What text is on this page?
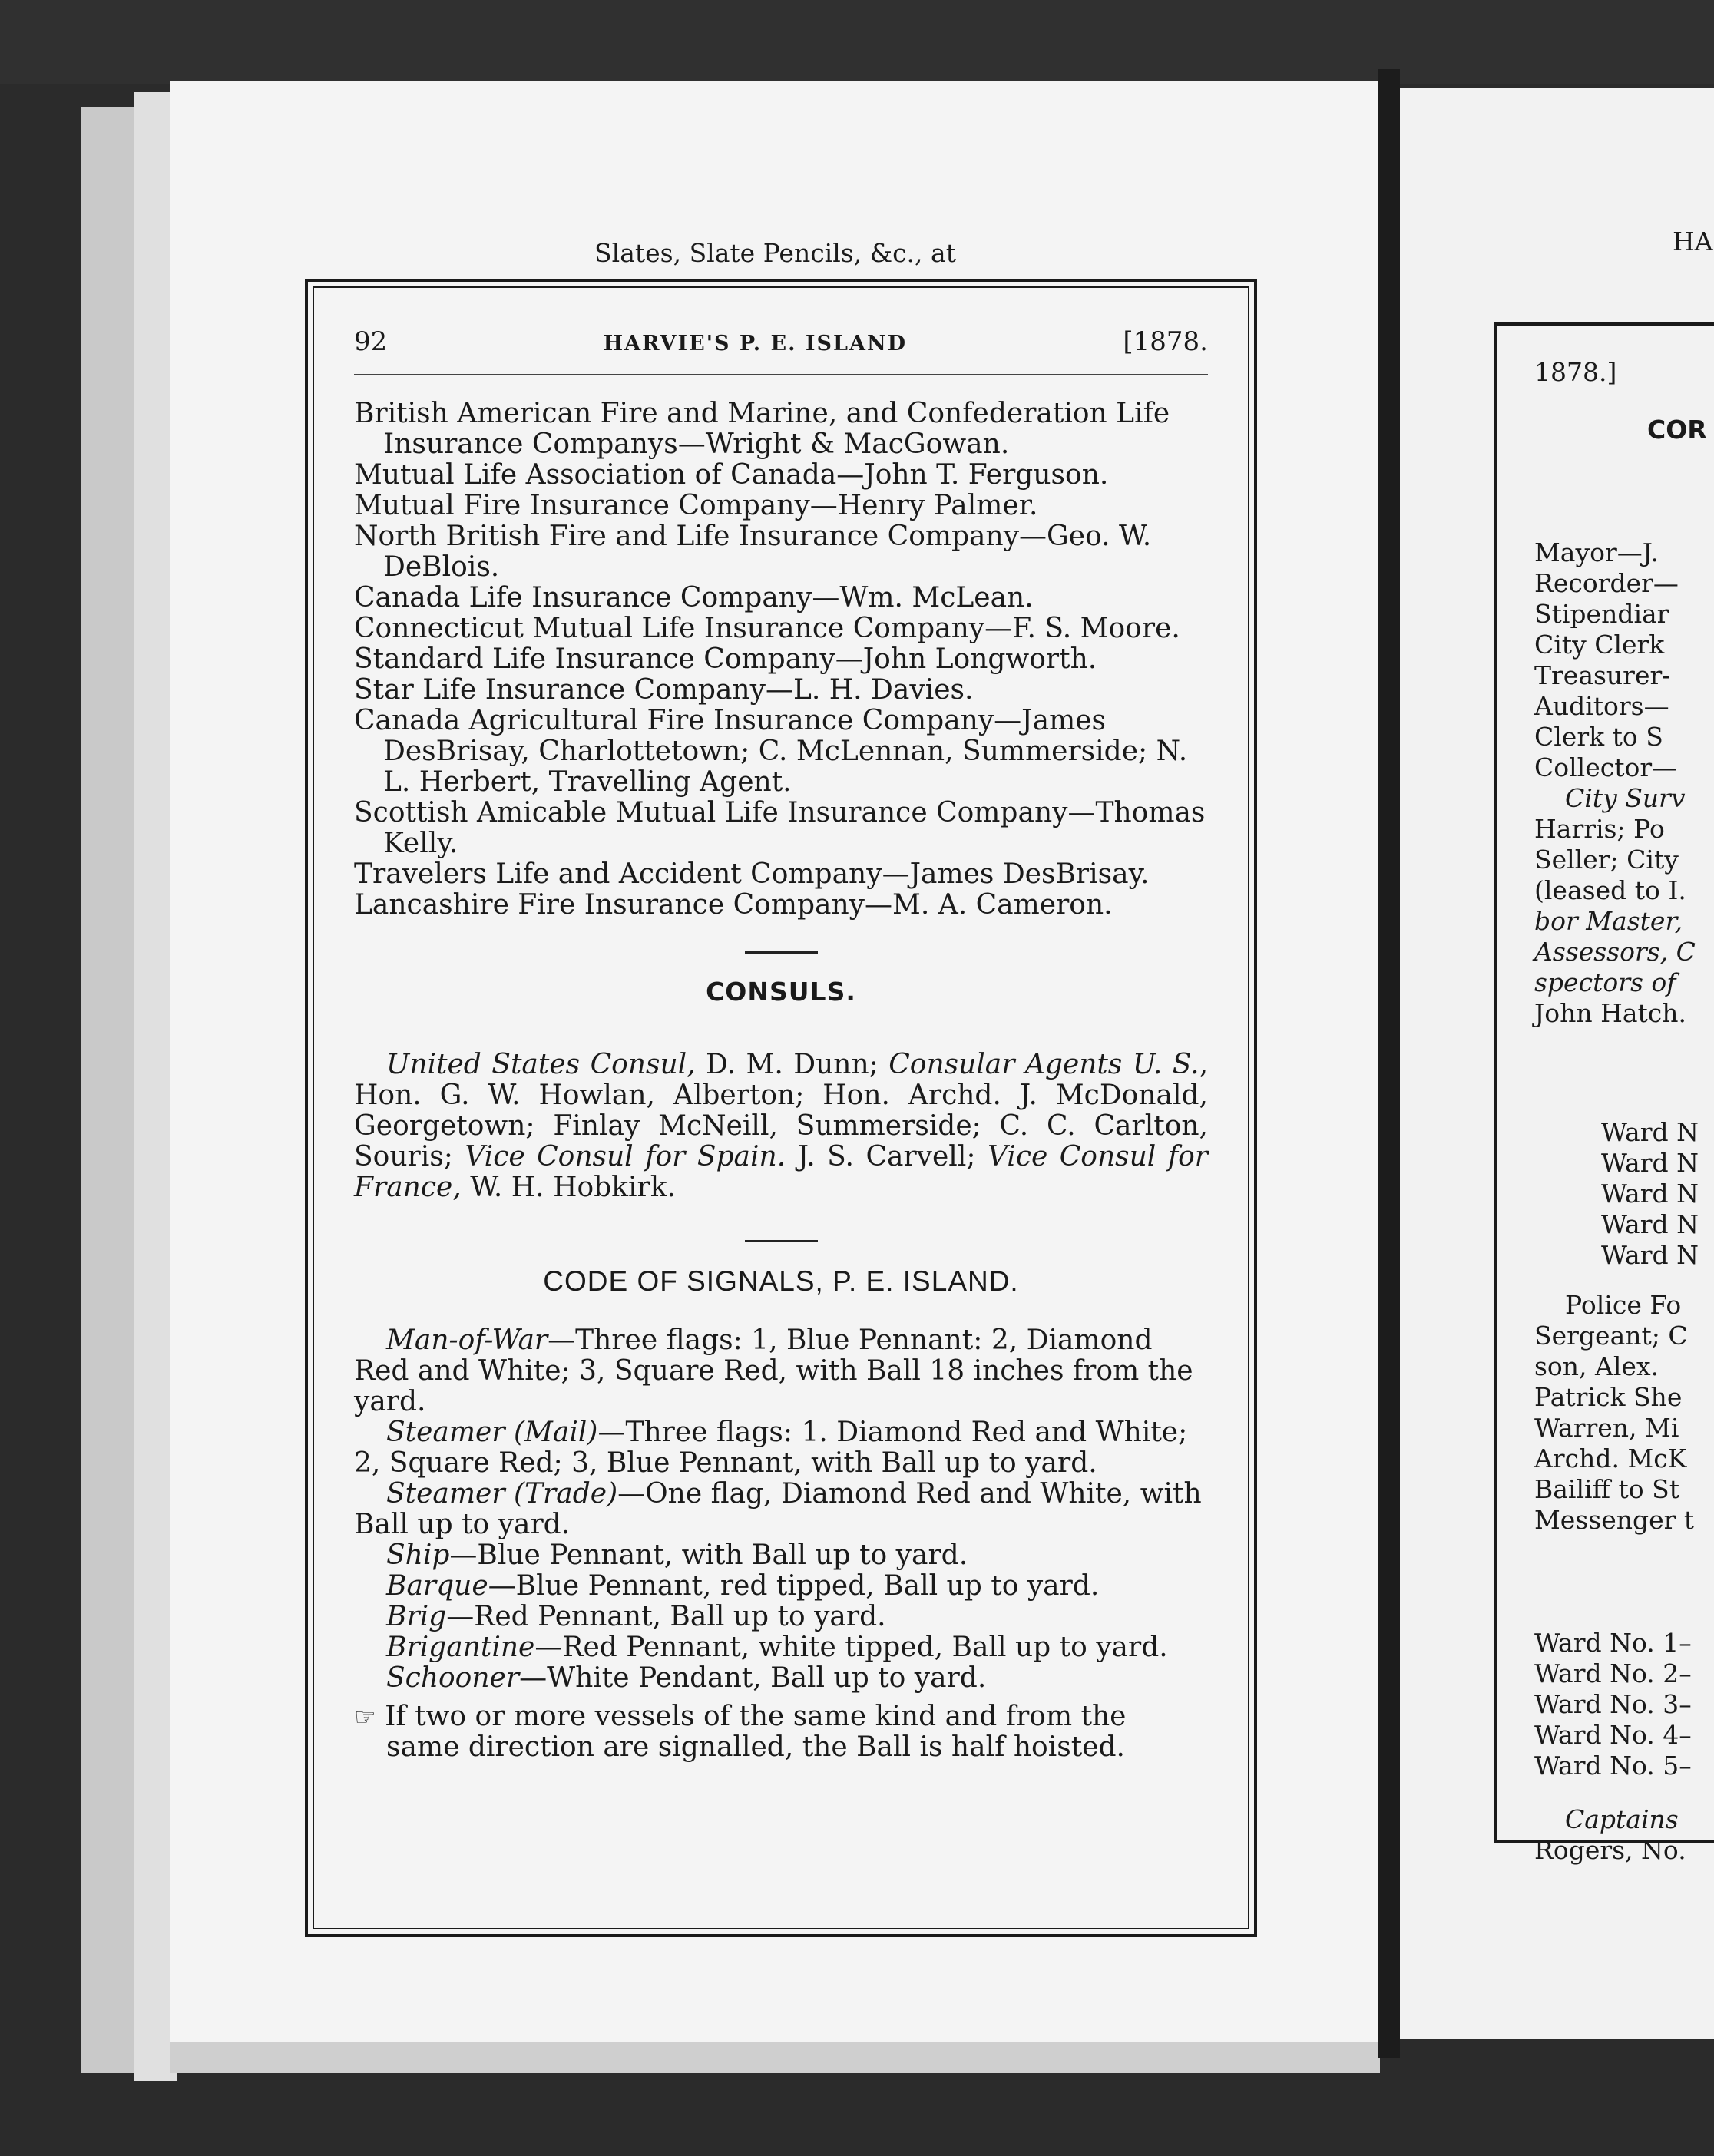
Slates, Slate Pencils, &c., at
92	HARVIE'S P. E. ISLAND	[1878.

British American Fire and Marine, and Confederation Life Insurance Companys—Wright & MacGowan.

Mutual Life Association of Canada—John T. Ferguson.

Mutual Fire Insurance Company—Henry Palmer.

North British Fire and Life Insurance Company—Geo. W. DeBlois.

Canada Life Insurance Company—Wm. McLean.

Connecticut Mutual Life Insurance Company—F. S. Moore.

Standard Life Insurance Company—John Longworth.

Star Life Insurance Company—L. H. Davies.

Canada Agricultural Fire Insurance Company—James DesBrisay, Charlottetown; C. McLennan, Summerside; N. L. Herbert, Travelling Agent.

Scottish Amicable Mutual Life Insurance Company—Thomas Kelly.

Travelers Life and Accident Company—James DesBrisay.

Lancashire Fire Insurance Company—M. A. Cameron.

CONSULS.

United States Consul, D. M. Dunn; Consular Agents U. S., Hon. G. W. Howlan, Alberton; Hon. Archd. J. McDonald, Georgetown; Finlay McNeill, Summerside; C. C. Carlton, Souris; Vice Consul for Spain. J. S. Carvell; Vice Consul for France, W. H. Hobkirk.

CODE OF SIGNALS, P. E. ISLAND.

Man-of-War—Three flags: 1, Blue Pennant: 2, Diamond Red and White; 3, Square Red, with Ball 18 inches from the yard.

Steamer (Mail)—Three flags: 1. Diamond Red and White; 2, Square Red; 3, Blue Pennant, with Ball up to yard.

Steamer (Trade)—One flag, Diamond Red and White, with Ball up to yard.

Ship—Blue Pennant, with Ball up to yard.

Barque—Blue Pennant, red tipped, Ball up to yard.

Brig—Red Pennant, Ball up to yard.

Brigantine—Red Pennant, white tipped, Ball up to yard.

Schooner—White Pendant, Ball up to yard.

☞ If two or more vessels of the same kind and from the same direction are signalled, the Ball is half hoisted.

HA
1878.]
COR
Mayor—J.
Recorder—
Stipendiar
City Clerk
Treasurer-
Auditors—
Clerk to S
Collector—
City Surv
Harris; Po
Seller; City
(leased to I.
bor Master,
Assessors, C
spectors of
John Hatch.
Ward N
Ward N
Ward N
Ward N
Ward N
Police Fo
Sergeant; C
son, Alex.
Patrick She
Warren, Mi
Archd. McK
Bailiff to St
Messenger t
Ward No. 1–
Ward No. 2–
Ward No. 3–
Ward No. 4–
Ward No. 5–
Captains
Rogers, No.
